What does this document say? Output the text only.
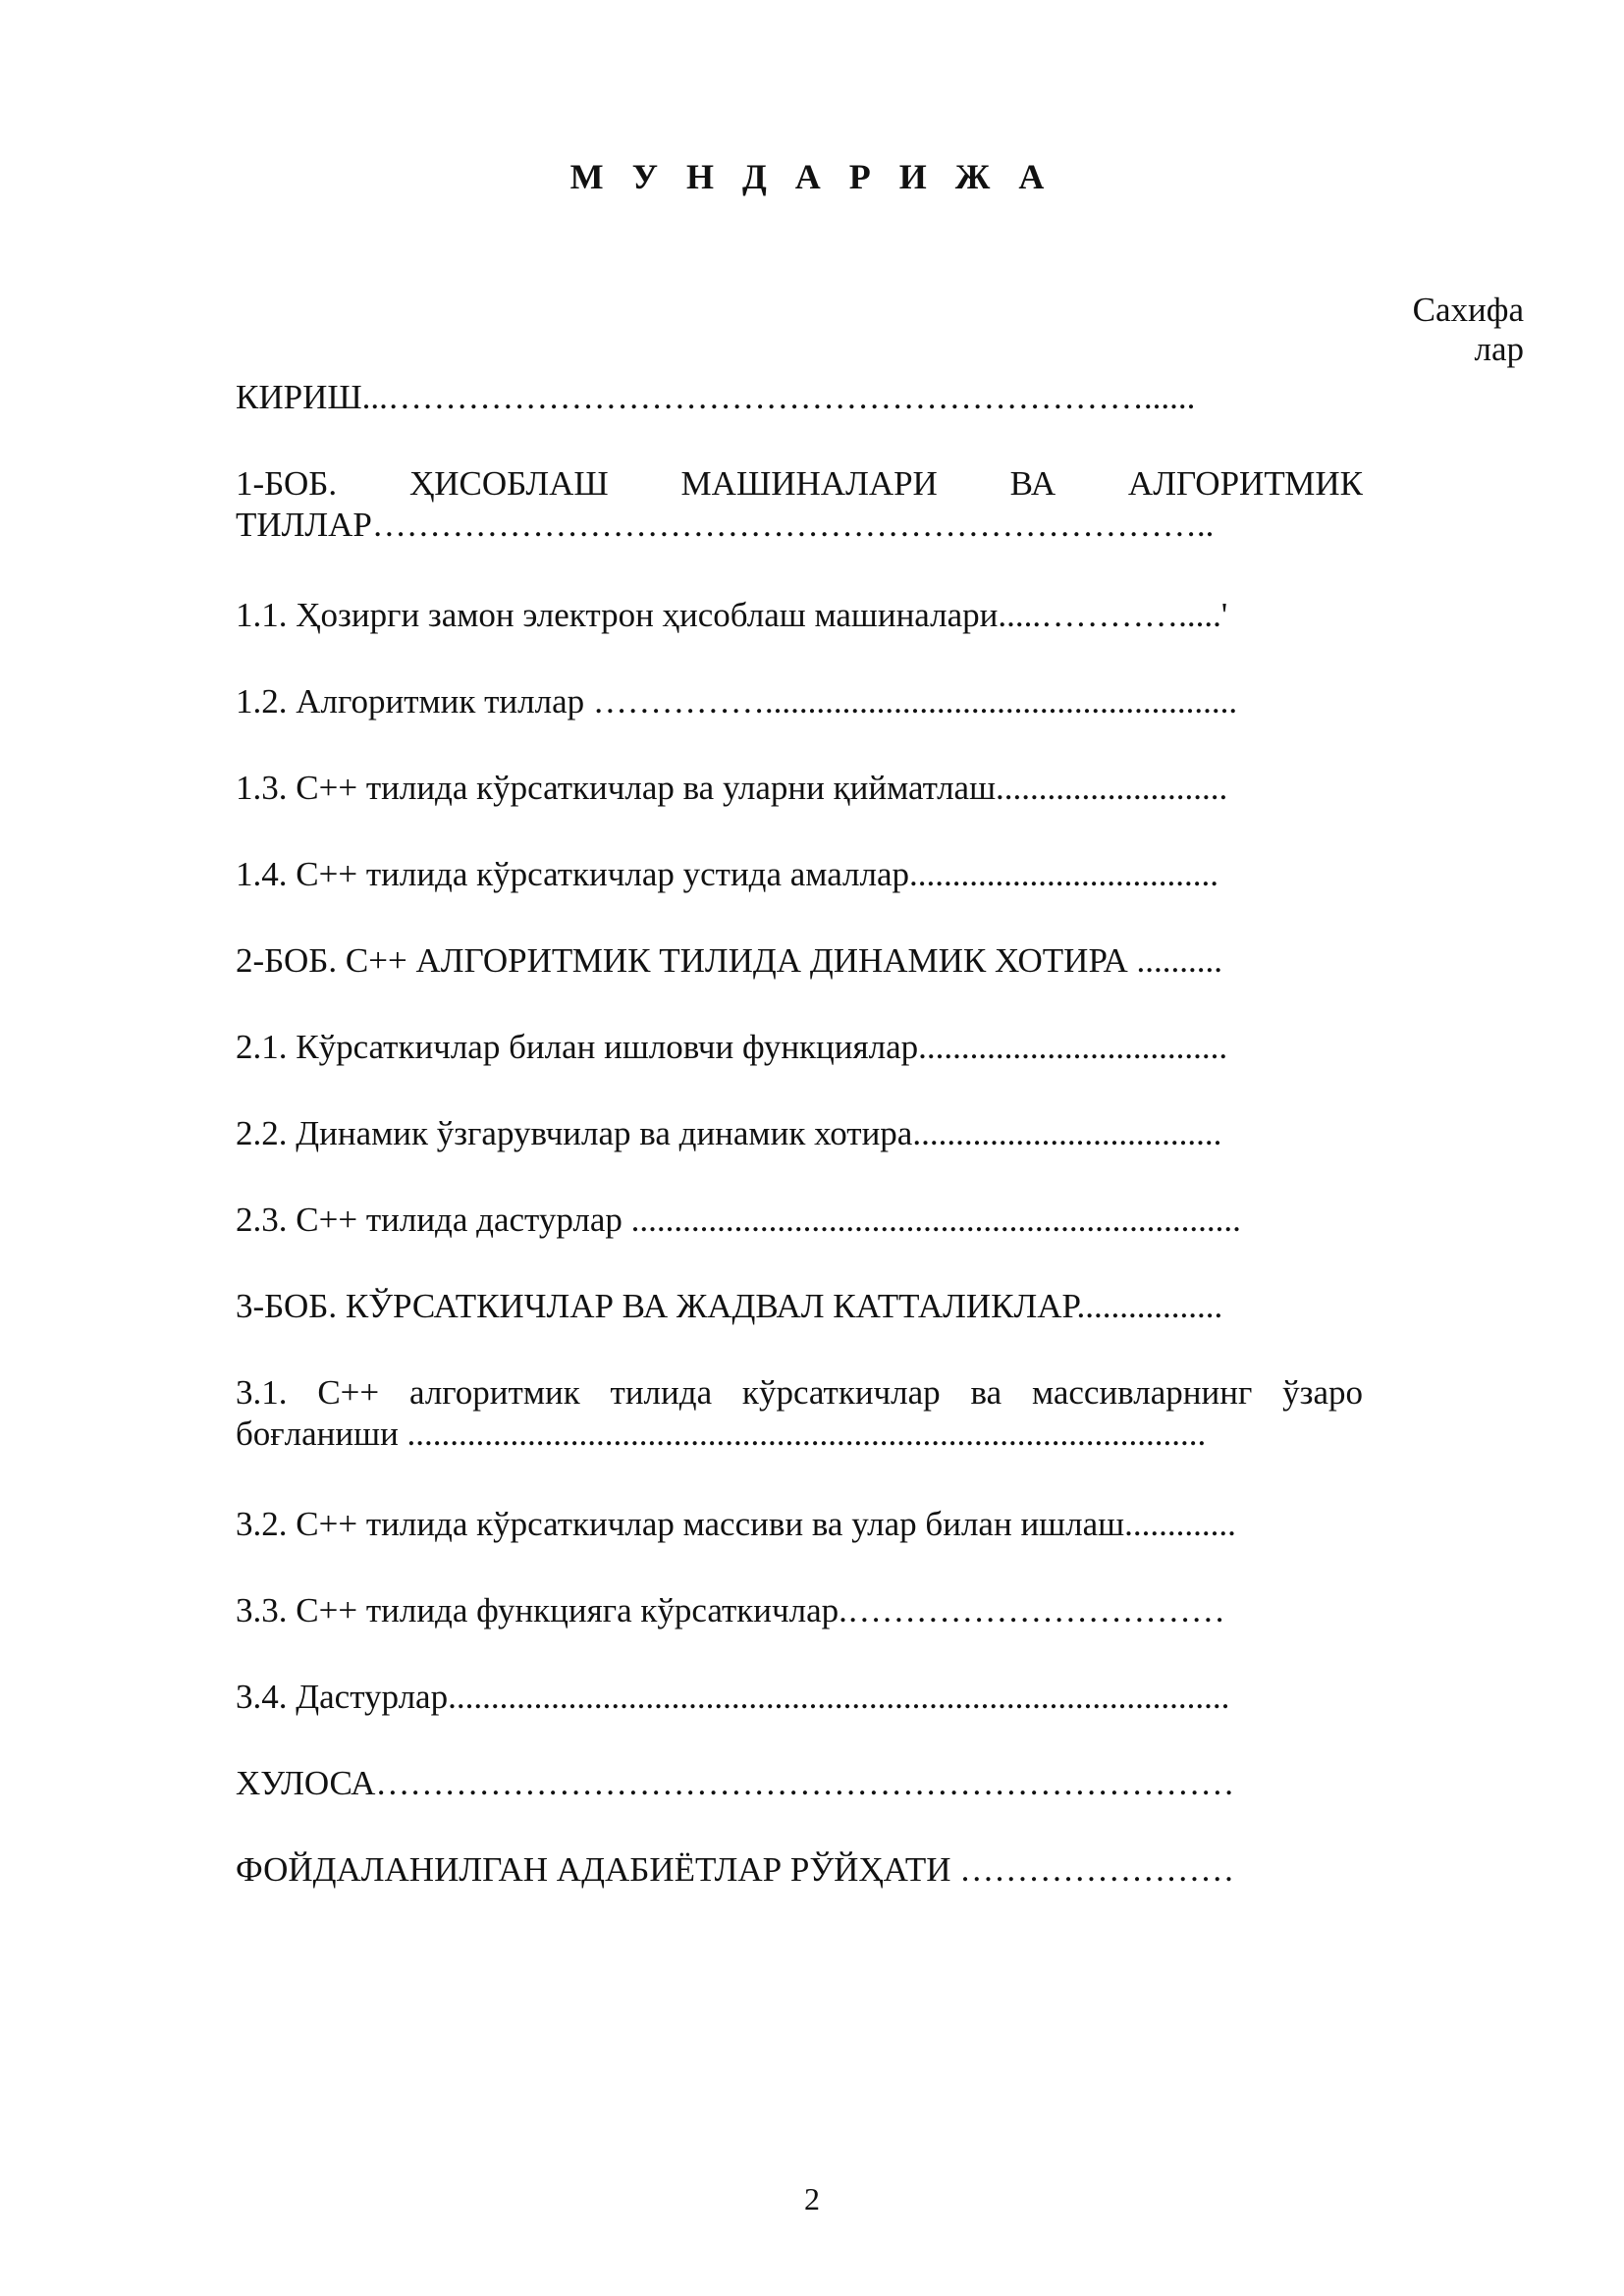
М У Н Д А Р И Ж А
Сахифа
лар
КИРИШ...…………………………………………………………......
1-БОБ. ҲИСОБЛАШ МАШИНАЛАРИ ВА АЛГОРИТМИК ТИЛЛАР………………………………………………………………..
1.1. Ҳозирги замон электрон ҳисоблаш машиналари.....………….....'
1.2. Алгоритмик тиллар …………….......................................................
1.3. С++ тилида кўрсаткичлар ва уларни қийматлаш...........................
1.4. С++ тилида кўрсаткичлар устида амаллар....................................
2-БОБ. С++ АЛГОРИТМИК ТИЛИДА ДИНАМИК ХОТИРА ..........
2.1. Кўрсаткичлар билан ишловчи функциялар....................................
2.2. Динамик ўзгарувчилар ва динамик хотира....................................
2.3. С++ тилида дастурлар .......................................................................
3-БОБ. КЎРСАТКИЧЛАР ВА ЖАДВАЛ КАТТАЛИКЛАР.................
3.1. С++ алгоритмик тилида кўрсаткичлар ва массивларнинг ўзаро боғланиши .............................................................................................
3.2. С++ тилида кўрсаткичлар массиви ва улар билан ишлаш.............
3.3. С++ тилида функцияга кўрсаткичлар.……………………………
3.4. Дастурлар...........................................................................................
ХУЛОСА…………………………………………………………………
ФОЙДАЛАНИЛГАН АДАБИЁТЛАР РЎЙҲАТИ ……………………
2
